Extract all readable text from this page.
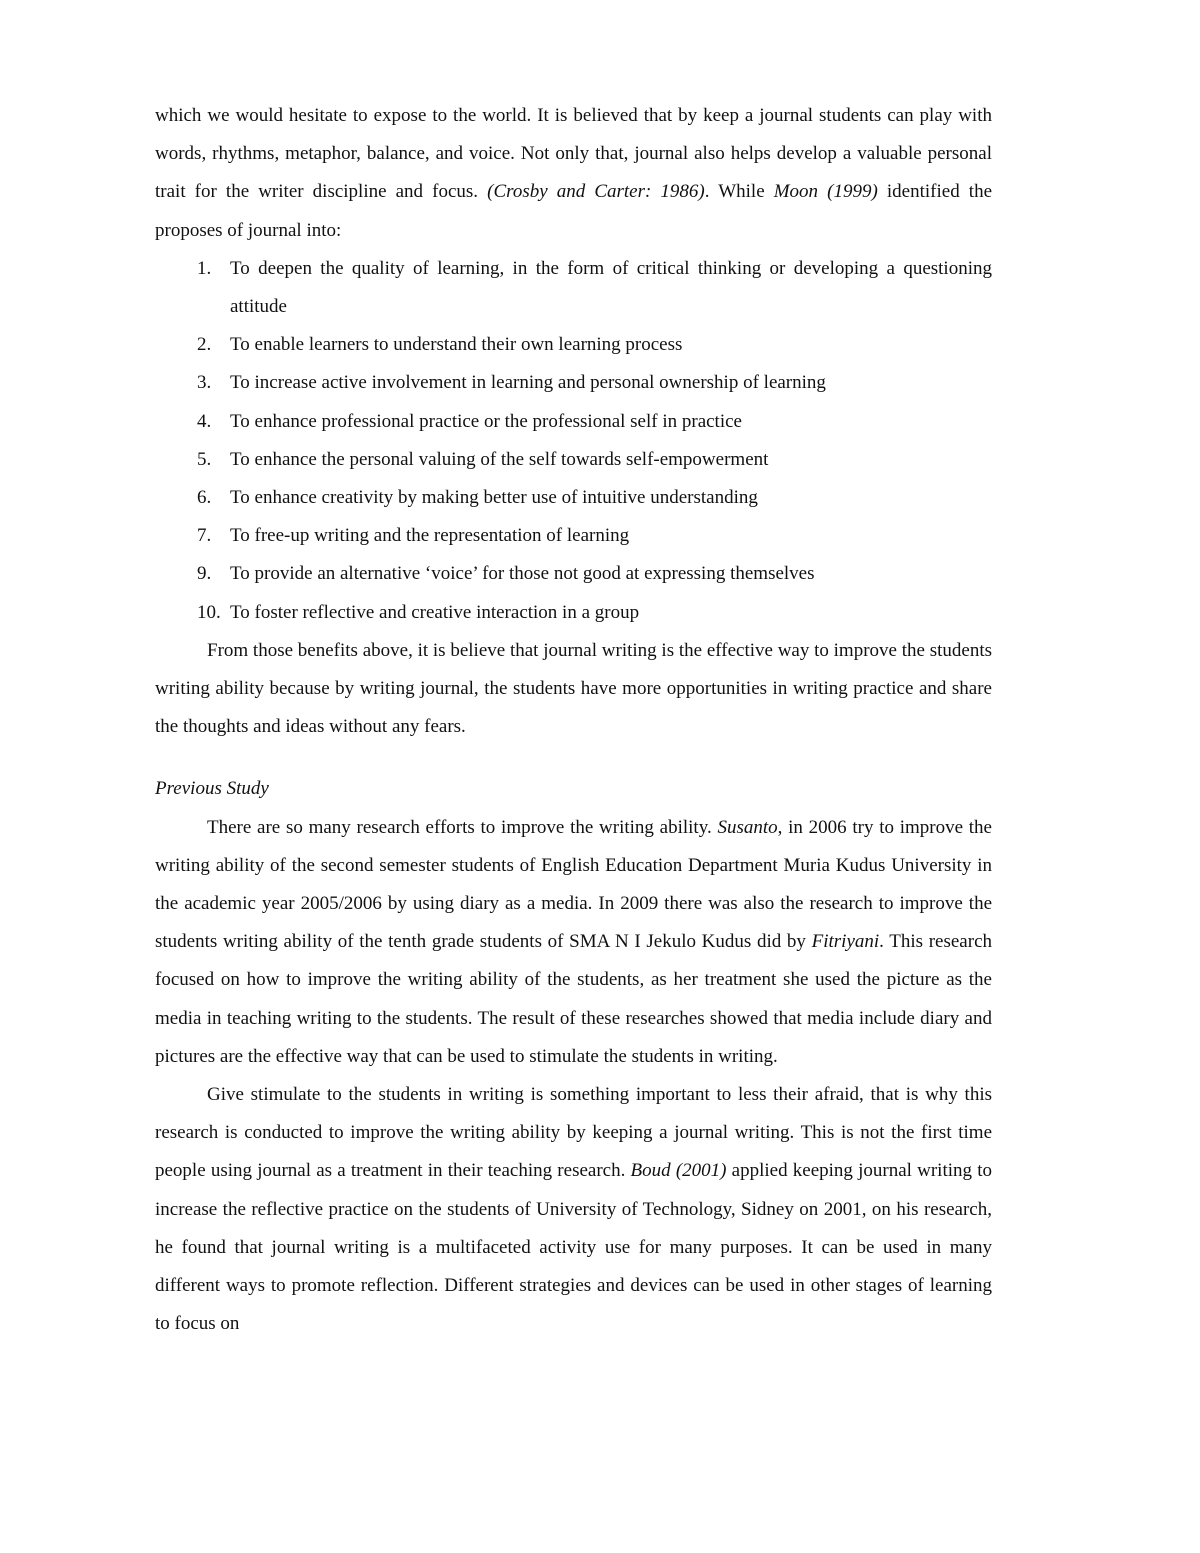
which we would hesitate to expose to the world. It is believed that by keep a journal students can play with words, rhythms, metaphor, balance, and voice. Not only that, journal also helps develop a valuable personal trait for the writer discipline and focus. (Crosby and Carter: 1986). While Moon (1999) identified the proposes of journal into:

1. To deepen the quality of learning, in the form of critical thinking or developing a questioning attitude
2. To enable learners to understand their own learning process
3. To increase active involvement in learning and personal ownership of learning
4. To enhance professional practice or the professional self in practice
5. To enhance the personal valuing of the self towards self-empowerment
6. To enhance creativity by making better use of intuitive understanding
7. To free-up writing and the representation of learning
9. To provide an alternative ‘voice’ for those not good at expressing themselves
10. To foster reflective and creative interaction in a group

From those benefits above, it is believe that journal writing is the effective way to improve the students writing ability because by writing journal, the students have more opportunities in writing practice and share the thoughts and ideas without any fears.

Previous Study

There are so many research efforts to improve the writing ability. Susanto, in 2006 try to improve the writing ability of the second semester students of English Education Department Muria Kudus University in the academic year 2005/2006 by using diary as a media. In 2009 there was also the research to improve the students writing ability of the tenth grade students of SMA N I Jekulo Kudus did by Fitriyani. This research focused on how to improve the writing ability of the students, as her treatment she used the picture as the media in teaching writing to the students. The result of these researches showed that media include diary and pictures are the effective way that can be used to stimulate the students in writing.

Give stimulate to the students in writing is something important to less their afraid, that is why this research is conducted to improve the writing ability by keeping a journal writing. This is not the first time people using journal as a treatment in their teaching research. Boud (2001) applied keeping journal writing to increase the reflective practice on the students of University of Technology, Sidney on 2001, on his research, he found that journal writing is a multifaceted activity use for many purposes. It can be used in many different ways to promote reflection. Different strategies and devices can be used in other stages of learning to focus on
